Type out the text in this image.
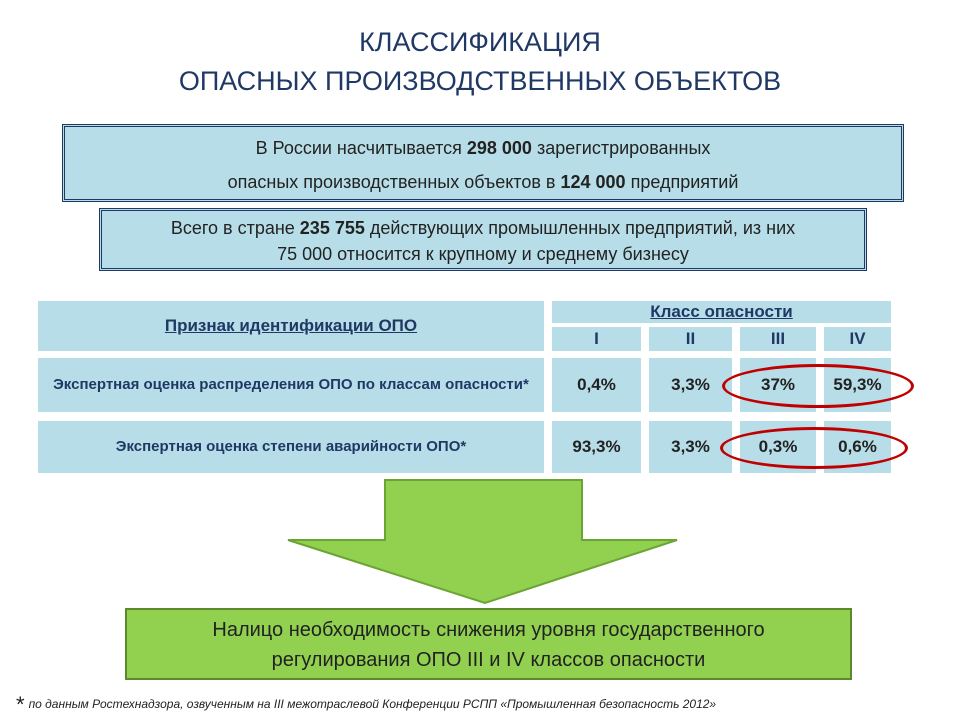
КЛАССИФИКАЦИЯ
ОПАСНЫХ ПРОИЗВОДСТВЕННЫХ ОБЪЕКТОВ
В России насчитывается 298 000 зарегистрированных
опасных производственных объектов в 124 000 предприятий
Всего в стране 235 755 действующих промышленных предприятий, из них
75 000 относится к крупному и среднему бизнесу
Признак идентификации ОПО
Класс опасности
I	II	III	IV
Экспертная оценка распределения ОПО по классам опасности*	0,4%	3,3%	37%	59,3%
Экспертная оценка степени аварийности ОПО*	93,3%	3,3%	0,3%	0,6%
Налицо необходимость снижения уровня государственного
регулирования ОПО III и IV классов опасности
* по данным Ростехнадзора, озвученным на III межотраслевой Конференции РСПП «Промышленная безопасность 2012»
